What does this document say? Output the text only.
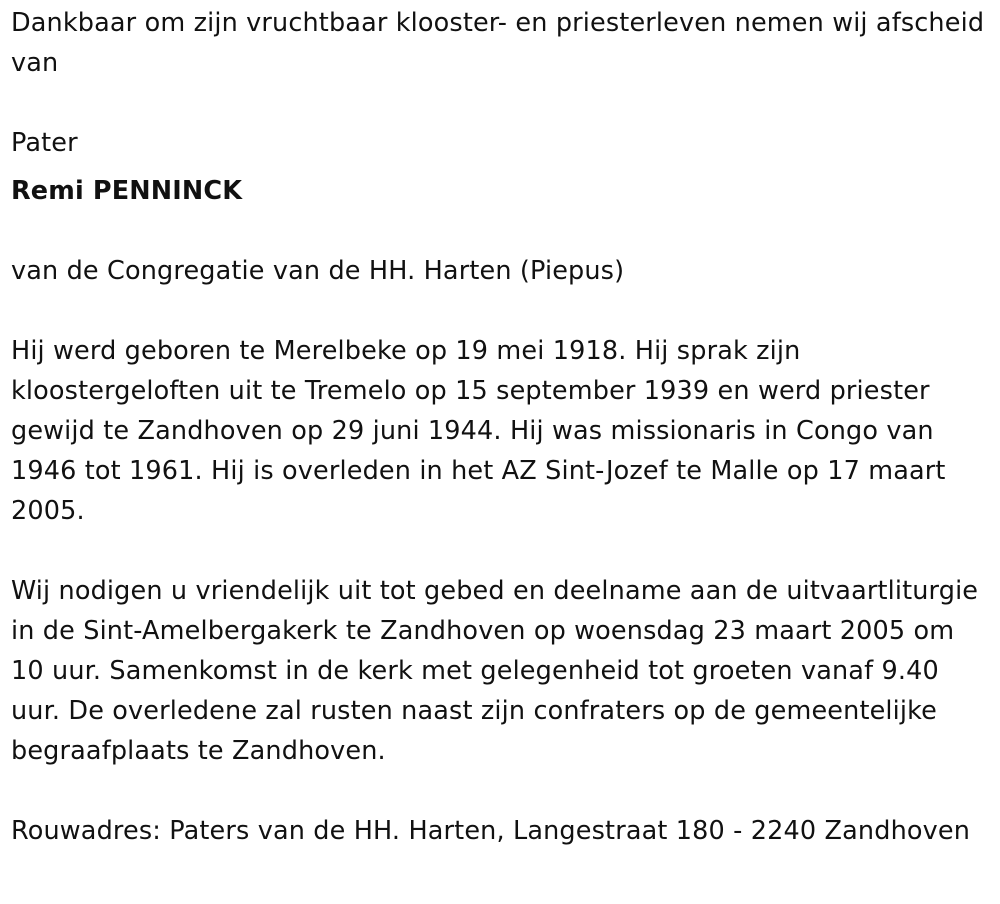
Dankbaar om zijn vruchtbaar klooster- en priesterleven nemen wij afscheid van

Pater

Remi PENNINCK

van de Congregatie van de HH. Harten (Piepus)

Hij werd geboren te Merelbeke op 19 mei 1918. Hij sprak zijn kloostergeloften uit te Tremelo op 15 september 1939 en werd priester gewijd te Zandhoven op 29 juni 1944. Hij was missionaris in Congo van 1946 tot 1961. Hij is overleden in het AZ Sint-Jozef te Malle op 17 maart 2005.

Wij nodigen u vriendelijk uit tot gebed en deelname aan de uitvaartliturgie in de Sint-Amelbergakerk te Zandhoven op woensdag 23 maart 2005 om 10 uur. Samenkomst in de kerk met gelegenheid tot groeten vanaf 9.40 uur. De overledene zal rusten naast zijn confraters op de gemeentelijke begraafplaats te Zandhoven.

Rouwadres: Paters van de HH. Harten, Langestraat 180 - 2240 Zandhoven
